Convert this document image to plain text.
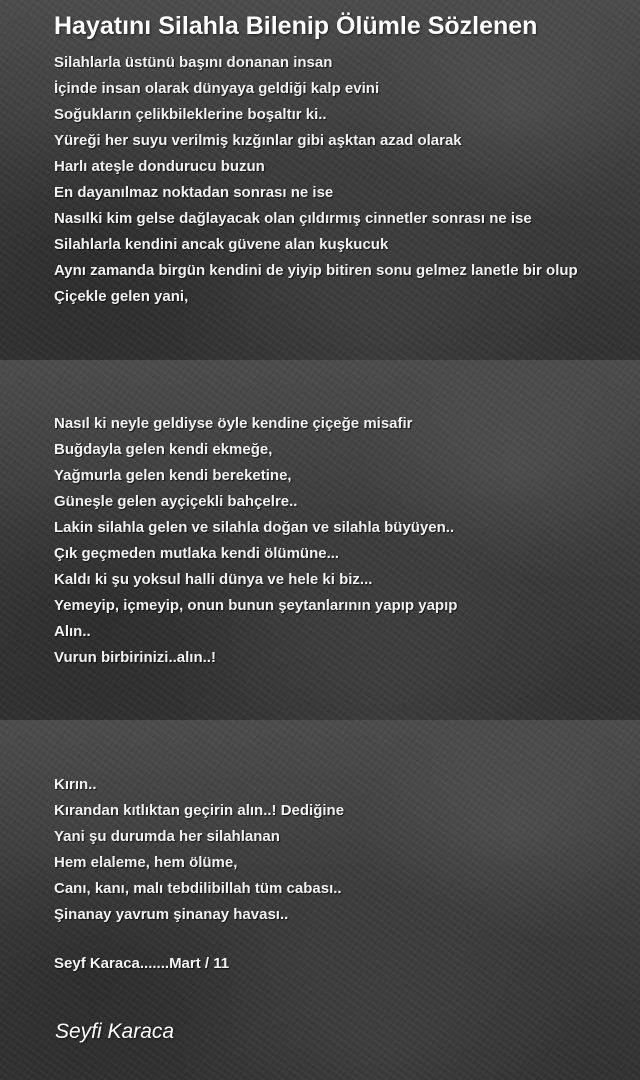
Hayatını Silahla Bilenip Ölümle Sözlenen
Silahlarla üstünü başını donanan insan
İçinde insan olarak dünyaya geldiği kalp evini
Soğukların çelikbileklerine boşaltır ki..
Yüreği her suyu verilmiş kızğınlar gibi aşktan azad olarak
Harlı ateşle dondurucu buzun
En dayanılmaz noktadan sonrası ne ise
Nasılki kim gelse dağlayacak olan çıldırmış cinnetler sonrası ne ise
Silahlarla kendini ancak güvene alan kuşkucuk
Aynı zamanda birgün kendini de yiyip bitiren sonu gelmez lanetle bir olup
Çiçekle gelen yani,
Nasıl ki neyle geldiyse öyle kendine çiçeğe misafir
Buğdayla gelen kendi ekmeğe,
Yağmurla gelen kendi bereketine,
Güneşle gelen ayçiçekli bahçelre..
Lakin silahla gelen ve silahla doğan ve silahla büyüyen..
Çık geçmeden mutlaka kendi ölümüne...
Kaldı ki şu yoksul halli dünya ve hele ki biz...
Yemeyip, içmeyip, onun bunun şeytanlarının yapıp yapıp
Alın..
Vurun birbirinizi..alın..!
Kırın..
Kırandan kıtlıktan geçirin alın..! Dediğine
Yani şu durumda her silahlanan
Hem elaleme, hem ölüme,
Canı, kanı, malı tebdilibillah tüm cabası..
Şinanay yavrum şinanay havası..
Seyf Karaca.......Mart / 11
Seyfi Karaca
